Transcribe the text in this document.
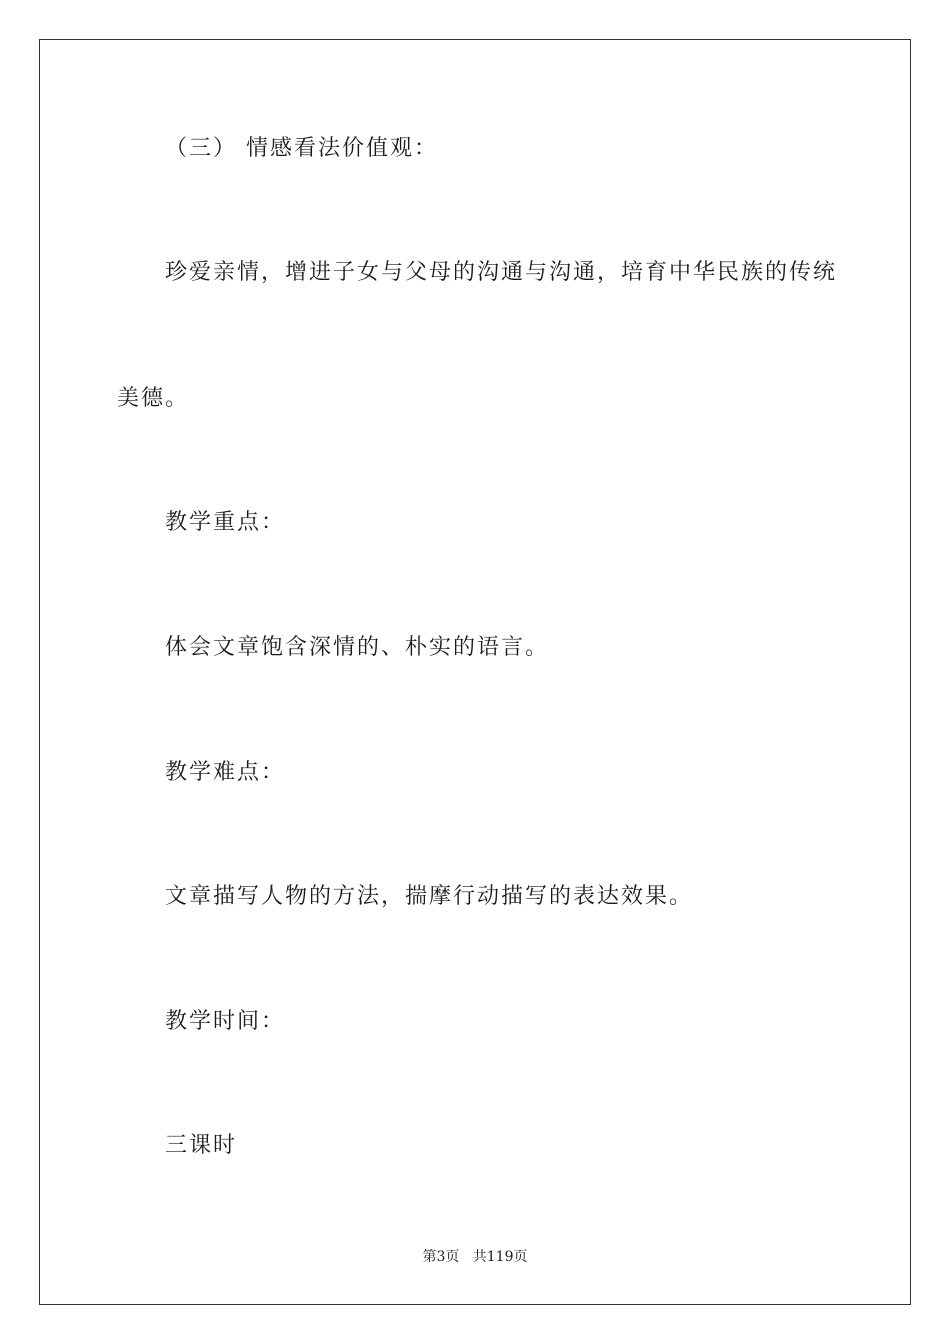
（三） 情感看法价值观：
珍爱亲情，增进子女与父母的沟通与沟通，培育中华民族的传统
美德。
教学重点：
体会文章饱含深情的、朴实的语言。
教学难点：
文章描写人物的方法，揣摩行动描写的表达效果。
教学时间：
三课时
第3页 共119页
